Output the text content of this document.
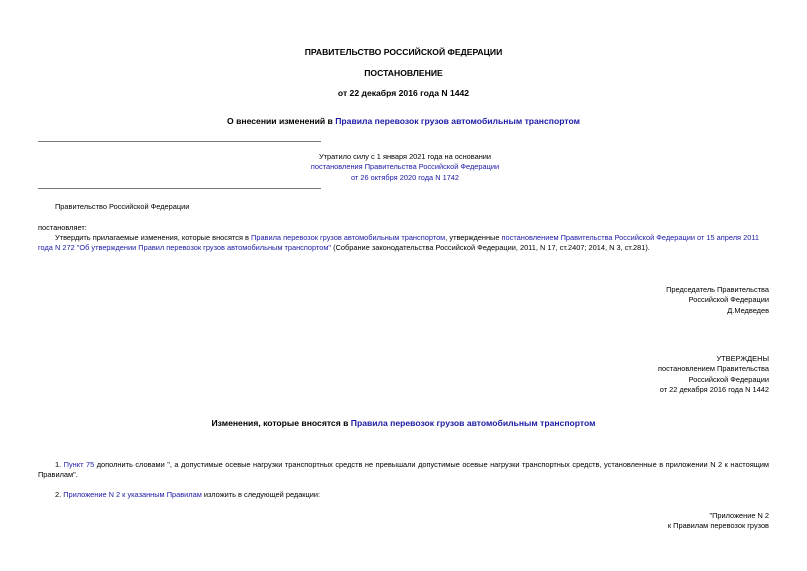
ПРАВИТЕЛЬСТВО РОССИЙСКОЙ ФЕДЕРАЦИИ
ПОСТАНОВЛЕНИЕ
от 22 декабря 2016 года N 1442
О внесении изменений в Правила перевозок грузов автомобильным транспортом
Утратило силу с 1 января 2021 года на основании
постановления Правительства Российской Федерации
от 26 октября 2020 года N 1742
Правительство Российской Федерации
постановляет:
Утвердить прилагаемые изменения, которые вносятся в Правила перевозок грузов автомобильным транспортом, утвержденные постановлением Правительства Российской Федерации от 15 апреля 2011 года N 272 "Об утверждении Правил перевозок грузов автомобильным транспортом" (Собрание законодательства Российской Федерации, 2011, N 17, ст.2407; 2014, N 3, ст.281).
Председатель Правительства
Российской Федерации
Д.Медведев
УТВЕРЖДЕНЫ
постановлением Правительства
Российской Федерации
от 22 декабря 2016 года N 1442
Изменения, которые вносятся в Правила перевозок грузов автомобильным транспортом
1. Пункт 75 дополнить словами ", а допустимые осевые нагрузки транспортных средств не превышали допустимые осевые нагрузки транспортных средств, установленные в приложении N 2 к настоящим Правилам".
2. Приложение N 2 к указанным Правилам изложить в следующей редакции:
"Приложение N 2
к Правилам перевозок грузов
